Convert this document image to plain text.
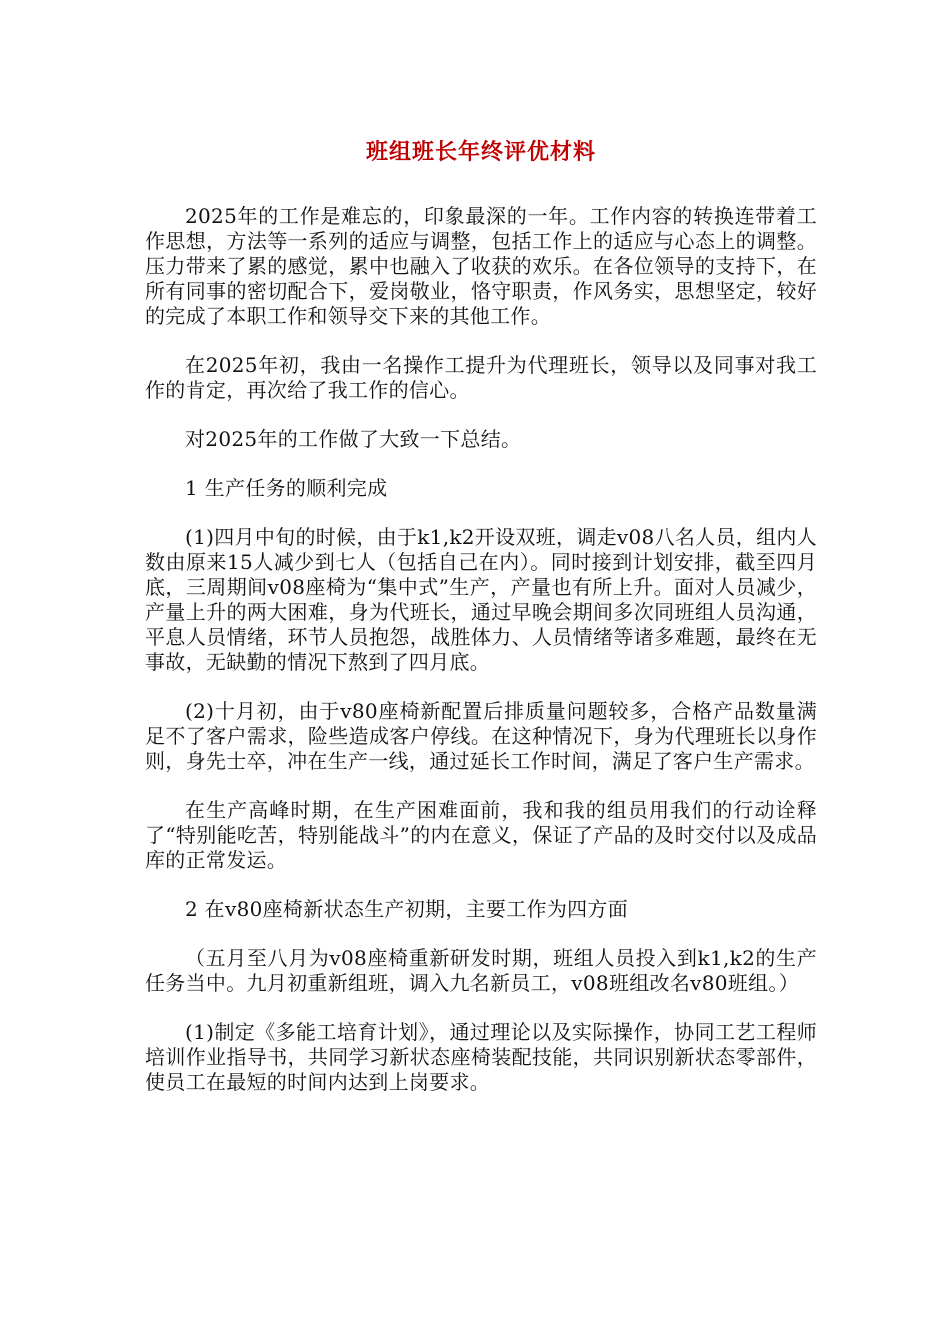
班组班长年终评优材料

2025年的工作是难忘的，印象最深的一年。工作内容的转换连带着工作思想，方法等一系列的适应与调整，包括工作上的适应与心态上的调整。压力带来了累的感觉，累中也融入了收获的欢乐。在各位领导的支持下，在所有同事的密切配合下，爱岗敬业，恪守职责，作风务实，思想坚定，较好的完成了本职工作和领导交下来的其他工作。

在2025年初，我由一名操作工提升为代理班长，领导以及同事对我工作的肯定，再次给了我工作的信心。

对2025年的工作做了大致一下总结。

1 生产任务的顺利完成

(1)四月中旬的时候，由于k1,k2开设双班，调走v08八名人员，组内人数由原来15人减少到七人（包括自己在内）。同时接到计划安排，截至四月底，三周期间v08座椅为“集中式”生产，产量也有所上升。面对人员减少，产量上升的两大困难，身为代班长，通过早晚会期间多次同班组人员沟通，平息人员情绪，环节人员抱怨，战胜体力、人员情绪等诸多难题，最终在无事故，无缺勤的情况下熬到了四月底。

(2)十月初，由于v80座椅新配置后排质量问题较多，合格产品数量满足不了客户需求，险些造成客户停线。在这种情况下，身为代理班长以身作则，身先士卒，冲在生产一线，通过延长工作时间，满足了客户生产需求。

在生产高峰时期，在生产困难面前，我和我的组员用我们的行动诠释了“特别能吃苦，特别能战斗”的内在意义，保证了产品的及时交付以及成品库的正常发运。

2 在v80座椅新状态生产初期，主要工作为四方面

（五月至八月为v08座椅重新研发时期，班组人员投入到k1,k2的生产任务当中。九月初重新组班，调入九名新员工，v08班组改名v80班组。）

(1)制定《多能工培育计划》，通过理论以及实际操作，协同工艺工程师培训作业指导书，共同学习新状态座椅装配技能，共同识别新状态零部件，使员工在最短的时间内达到上岗要求。
